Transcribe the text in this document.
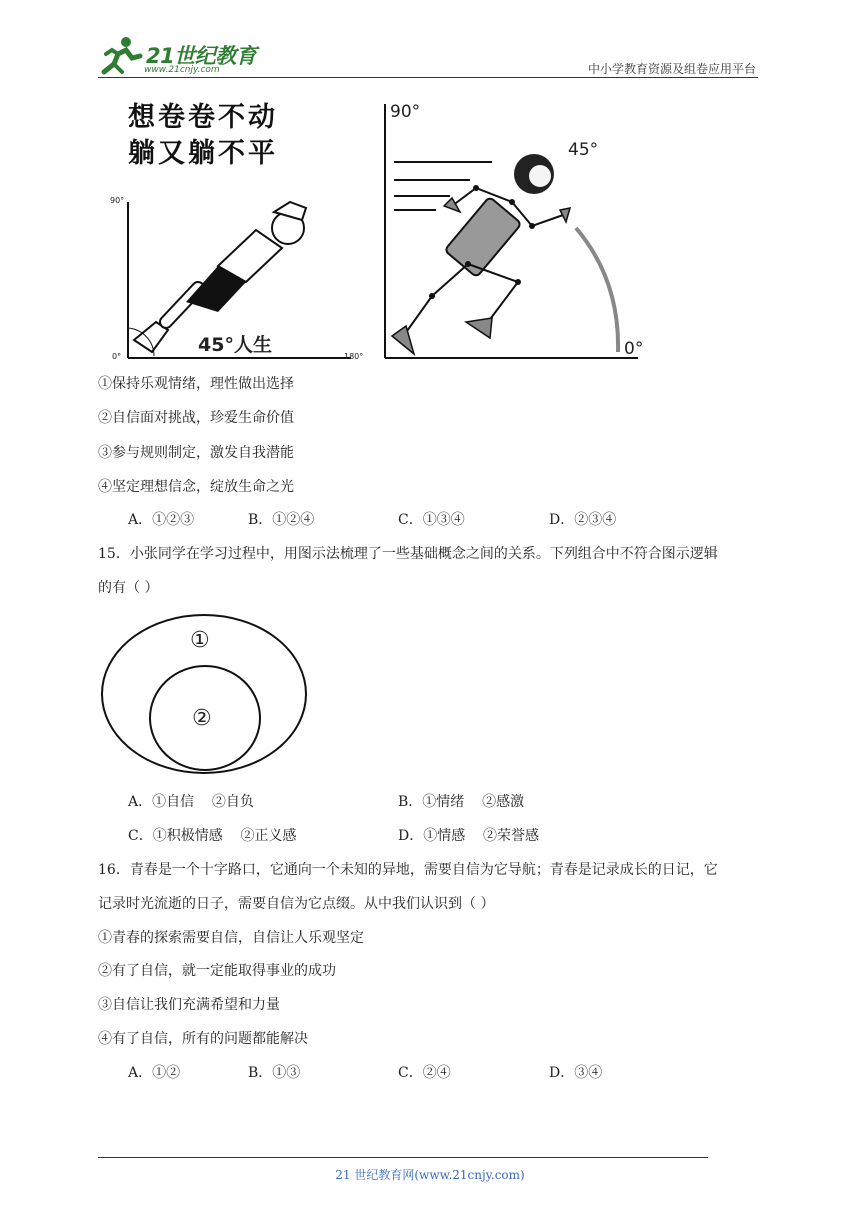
21世纪教育
www.21cnjy.com	中小学教育资源及组卷应用平台
想卷卷不动
躺又躺不平
90°
0°	180°
45°人生
90°
45°
0°
①保持乐观情绪，理性做出选择
②自信面对挑战，珍爱生命价值
③参与规则制定，激发自我潜能
④坚定理想信念，绽放生命之光
A．①②③	B．①②④	C．①③④	D．②③④
15．小张同学在学习过程中，用图示法梳理了一些基础概念之间的关系。下列组合中不符合图示逻辑
的有（ ）
①
②
A．①自信    ②自负	B．①情绪    ②感激
C．①积极情感    ②正义感	D．①情感    ②荣誉感
16．青春是一个十字路口，它通向一个未知的异地，需要自信为它导航；青春是记录成长的日记，它
记录时光流逝的日子，需要自信为它点缀。从中我们认识到（ ）
①青春的探索需要自信，自信让人乐观坚定
②有了自信，就一定能取得事业的成功
③自信让我们充满希望和力量
④有了自信，所有的问题都能解决
A．①②	B．①③	C．②④	D．③④
21 世纪教育网(www.21cnjy.com)
